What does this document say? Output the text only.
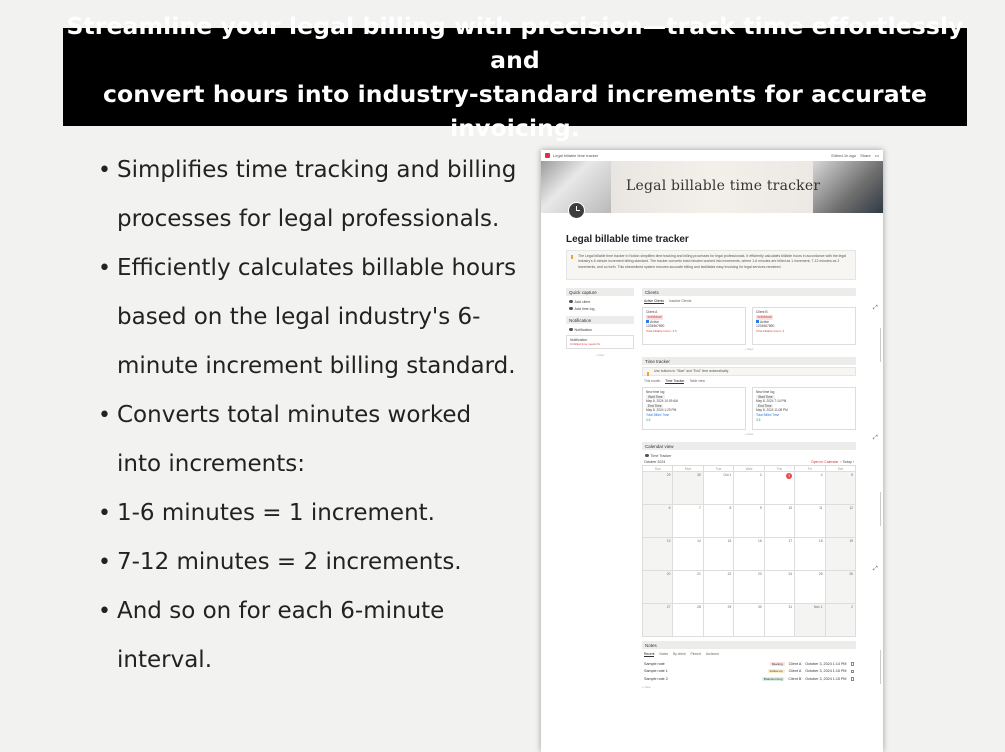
Streamline your legal billing with precision—track time effortlessly and
convert hours into industry-standard increments for accurate invoicing.
• Simplifies time tracking and billing processes for legal professionals.
• Efficiently calculates billable hours based on the legal industry's 6-minute increment billing standard.
• Converts total minutes worked into increments:
• 1-6 minutes = 1 increment.
• 7-12 minutes = 2 increments.
• And so on for each 6-minute interval.
Legal billable time tracker	Edited 1h ago Share •••
Legal billable time tracker
Legal billable time tracker
The Legal billable time tracker in Notion simplifies time tracking and billing processes for legal professionals. It efficiently calculates billable hours in accordance with the legal industry's 6-minute increment billing standard. The tracker converts total minutes worked into increments, where 1-6 minutes are billed as 1 increment, 7-12 minutes as 2 increments, and so forth. This streamlined system ensures accurate billing and facilitates easy invoicing for legal services rendered.
Quick capture
Add client
Add time log
Notification
Notification
Notification
Unbilled time needs fix
+ New
Clients
Active Clients Inactive Clients
Client A
Individual
Active
1234567890
Total billable hours: 4.6
Client B
Individual
Active
1234567890
Total billable hours: 3
+ New
Time tracker
Use buttons to "Start" and "End" time automatically.
This month Time Tracker Table view
New time log
Start Time
May 8, 2024 10:09 AM
End Time
May 8, 2024 1:29 PM
Total Billed Time
4.6
New time log
Start Time
May 8, 2024 7:14 PM
End Time
May 8, 2024 11:08 PM
Total Billed Time
3.8
+ New
Calendar view
Time Tracker
October 2024	Open in Calendar ‹ Today ›
Sun	Mon	Tue	Wed	Thu	Fri	Sat
29	30	Oct 1	2	3	4	5
6	7	8	9	10	11	12
13	14	15	16	17	18	19
20	21	22	23	24	25	26
27	28	29	30	31	Nov 1	2
Notes
Recent Notes By client Pinned Archived
Sample note	Meeting	Client A October 3, 2024 1:14 PM
Sample note 1	Follow-up	Client A October 3, 2024 1:15 PM
Sample note 2	Brainstorming	Client B October 3, 2024 1:15 PM
+ New
⤢
⤢
⤢
